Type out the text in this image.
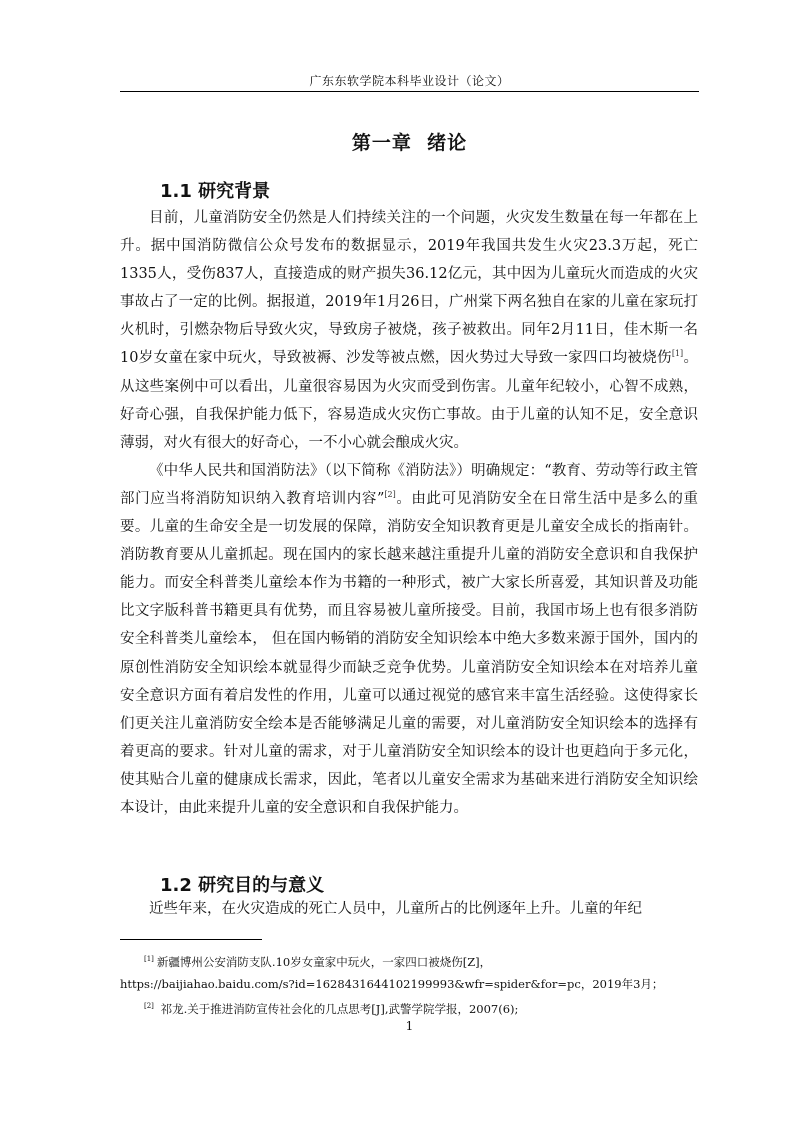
广东东软学院本科毕业设计（论文）
第一章  绪论
1.1 研究背景

目前，儿童消防安全仍然是人们持续关注的一个问题，火灾发生数量在每一年都在上升。据中国消防微信公众号发布的数据显示，2019年我国共发生火灾23.3万起，死亡1335人，受伤837人，直接造成的财产损失36.12亿元，其中因为儿童玩火而造成的火灾事故占了一定的比例。据报道，2019年1月26日，广州棠下两名独自在家的儿童在家玩打火机时，引燃杂物后导致火灾，导致房子被烧，孩子被救出。同年2月11日，佳木斯一名10岁女童在家中玩火，导致被褥、沙发等被点燃，因火势过大导致一家四口均被烧伤[1]。从这些案例中可以看出，儿童很容易因为火灾而受到伤害。儿童年纪较小，心智不成熟，好奇心强，自我保护能力低下，容易造成火灾伤亡事故。由于儿童的认知不足，安全意识薄弱，对火有很大的好奇心，一不小心就会酿成火灾。

《中华人民共和国消防法》（以下简称《消防法》）明确规定：“教育、劳动等行政主管部门应当将消防知识纳入教育培训内容”[2]。由此可见消防安全在日常生活中是多么的重要。儿童的生命安全是一切发展的保障，消防安全知识教育更是儿童安全成长的指南针。消防教育要从儿童抓起。现在国内的家长越来越注重提升儿童的消防安全意识和自我保护能力。而安全科普类儿童绘本作为书籍的一种形式，被广大家长所喜爱，其知识普及功能比文字版科普书籍更具有优势，而且容易被儿童所接受。目前，我国市场上也有很多消防安全科普类儿童绘本， 但在国内畅销的消防安全知识绘本中绝大多数来源于国外，国内的原创性消防安全知识绘本就显得少而缺乏竞争优势。儿童消防安全知识绘本在对培养儿童安全意识方面有着启发性的作用，儿童可以通过视觉的感官来丰富生活经验。这使得家长们更关注儿童消防安全绘本是否能够满足儿童的需要，对儿童消防安全知识绘本的选择有着更高的要求。针对儿童的需求，对于儿童消防安全知识绘本的设计也更趋向于多元化，使其贴合儿童的健康成长需求，因此，笔者以儿童安全需求为基础来进行消防安全知识绘本设计，由此来提升儿童的安全意识和自我保护能力。

1.2 研究目的与意义

近些年来，在火灾造成的死亡人员中，儿童所占的比例逐年上升。儿童的年纪

[1] 新疆博州公安消防支队.10岁女童家中玩火，一家四口被烧伤[Z]，
https://baijiahao.baidu.com/s?id=1628431644102199993&wfr=spider&for=pc，2019年3月；
[2] 祁龙.关于推进消防宣传社会化的几点思考[J],武警学院学报，2007(6);
1
